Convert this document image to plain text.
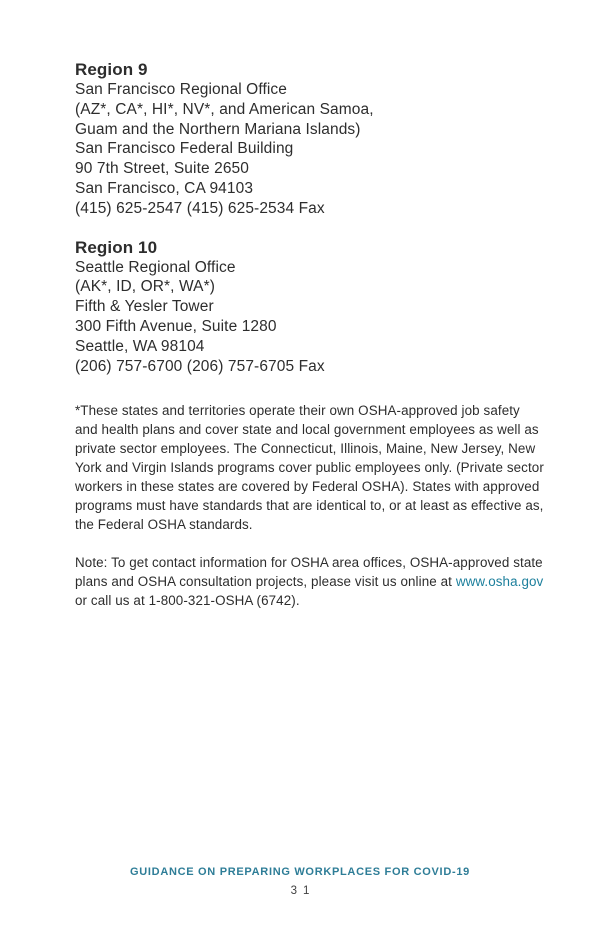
Region 9
San Francisco Regional Office
(AZ*, CA*, HI*, NV*, and American Samoa,
Guam and the Northern Mariana Islands)
San Francisco Federal Building
90 7th Street, Suite 2650
San Francisco, CA 94103
(415) 625-2547 (415) 625-2534 Fax
Region 10
Seattle Regional Office
(AK*, ID, OR*, WA*)
Fifth & Yesler Tower
300 Fifth Avenue, Suite 1280
Seattle, WA 98104
(206) 757-6700 (206) 757-6705 Fax
*These states and territories operate their own OSHA-approved job safety
and health plans and cover state and local government employees as well as
private sector employees. The Connecticut, Illinois, Maine, New Jersey, New
York and Virgin Islands programs cover public employees only. (Private sector
workers in these states are covered by Federal OSHA). States with approved
programs must have standards that are identical to, or at least as effective as,
the Federal OSHA standards.
Note: To get contact information for OSHA area offices, OSHA-approved state
plans and OSHA consultation projects, please visit us online at www.osha.gov
or call us at 1-800-321-OSHA (6742).
GUIDANCE ON PREPARING WORKPLACES FOR COVID-19
31
